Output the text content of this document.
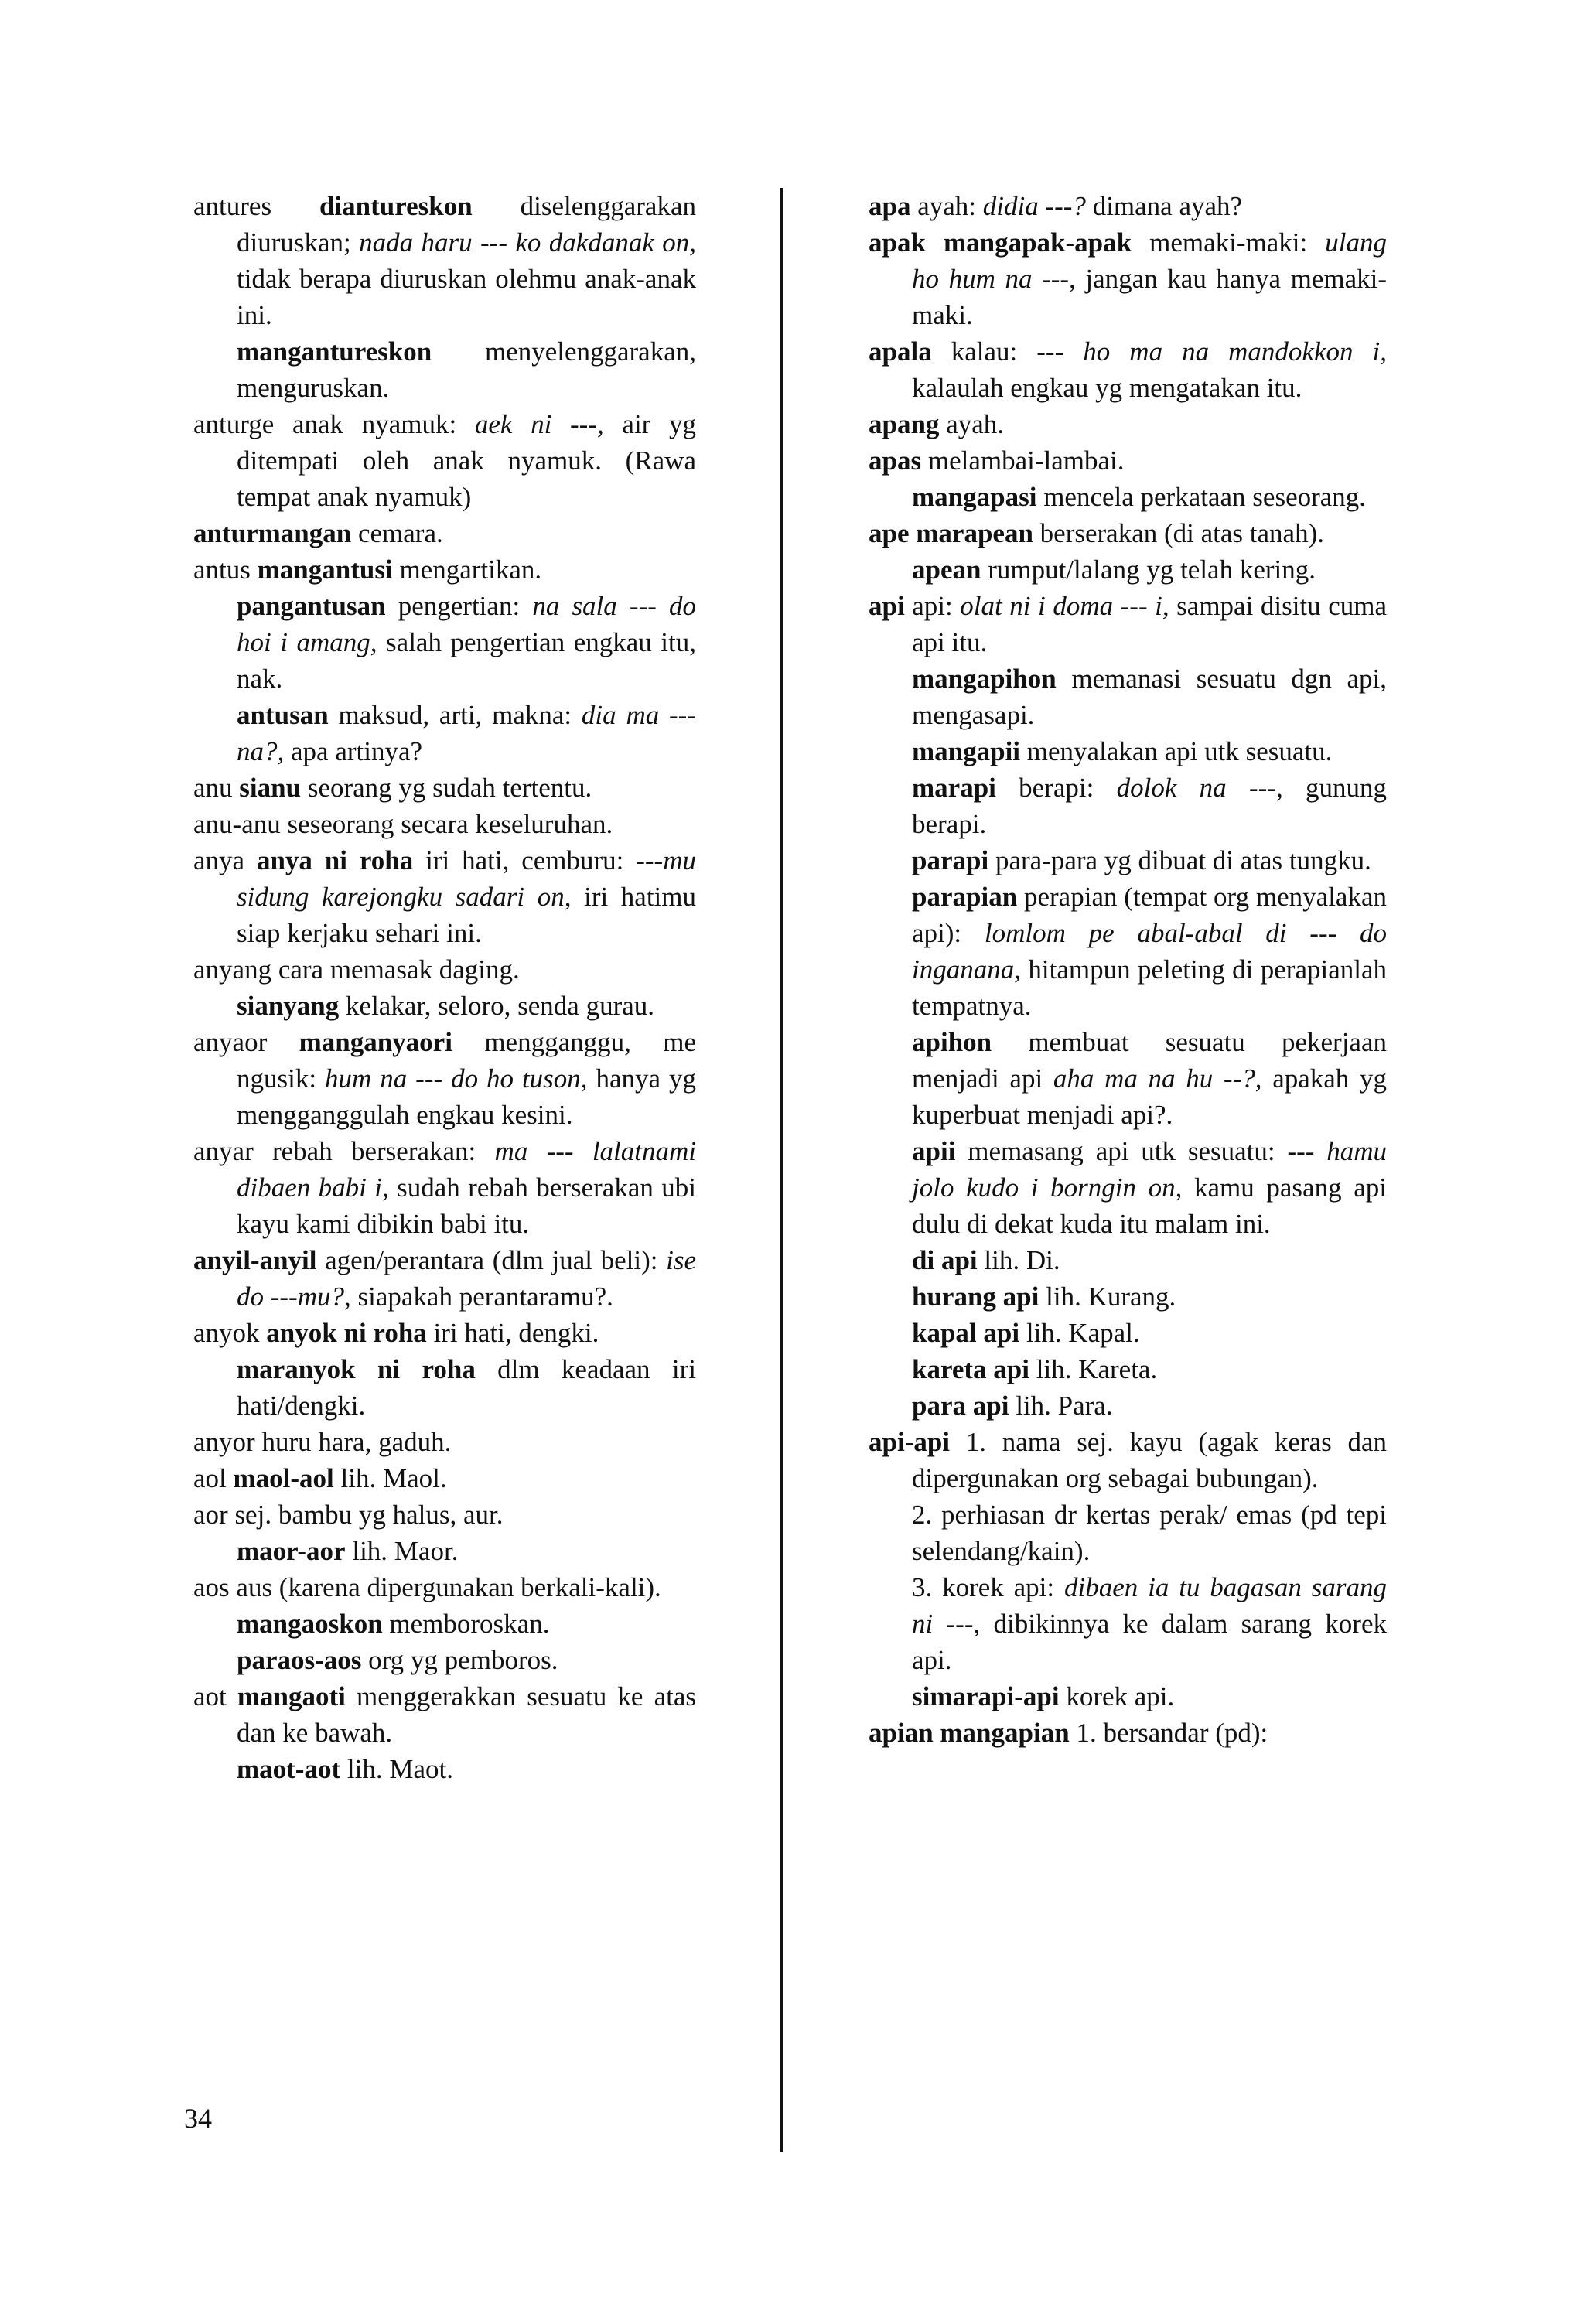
antures diantureskon diselenggarakan diuruskan; nada haru --- ko dakdanak on, tidak berapa diuruskan olehmu anak-anak ini.

mangantureskon menyelenggarakan, menguruskan.

anturge anak nyamuk: aek ni ---, air yg ditempati oleh anak nyamuk. (Rawa tempat anak nyamuk)

anturmangan cemara.

antus mangantusi mengartikan.

pangantusan pengertian: na sala --- do hoi i amang, salah pengertian engkau itu, nak.

antusan maksud, arti, makna: dia ma ---na?, apa artinya?

anu sianu seorang yg sudah tertentu.

anu-anu seseorang secara keseluruhan.

anya anya ni roha iri hati, cemburu: ---mu sidung karejongku sadari on, iri hatimu siap kerjaku sehari ini.

anyang cara memasak daging.

sianyang kelakar, seloro, senda gurau.

anyaor manganyaori mengganggu, me ngusik: hum na --- do ho tuson, hanya yg mengganggulah engkau kesini.

anyar rebah berserakan: ma --- lalatnami dibaen babi i, sudah rebah berserakan ubi kayu kami dibikin babi itu.

anyil-anyil agen/perantara (dlm jual beli): ise do ---mu?, siapakah perantaramu?.

anyok anyok ni roha iri hati, dengki.

maranyok ni roha dlm keadaan iri hati/dengki.

anyor huru hara, gaduh.

aol maol-aol lih. Maol.

aor sej. bambu yg halus, aur.

maor-aor lih. Maor.

aos aus (karena dipergunakan berkali-kali).

mangaoskon memboroskan.

paraos-aos org yg pemboros.

aot mangaoti menggerakkan sesuatu ke atas dan ke bawah.

maot-aot lih. Maot.

apa ayah: didia ---? dimana ayah?

apak mangapak-apak memaki-maki: ulang ho hum na ---, jangan kau hanya memaki-maki.

apala kalau: --- ho ma na mandokkon i, kalaulah engkau yg mengatakan itu.

apang ayah.

apas melambai-lambai.

mangapasi mencela perkataan seseorang.

ape marapean berserakan (di atas tanah).

apean rumput/lalang yg telah kering.

api api: olat ni i doma --- i, sampai disitu cuma api itu.

mangapihon memanasi sesuatu dgn api, mengasapi.

mangapii menyalakan api utk sesuatu.

marapi berapi: dolok na ---, gunung berapi.

parapi para-para yg dibuat di atas tungku.

parapian perapian (tempat org menyalakan api): lomlom pe abal-abal di --- do inganana, hitampun peleting di perapianlah tempatnya.

apihon membuat sesuatu pekerjaan menjadi api aha ma na hu --?, apakah yg kuperbuat menjadi api?.

apii memasang api utk sesuatu: --- hamu jolo kudo i borngin on, kamu pasang api dulu di dekat kuda itu malam ini.

di api lih. Di.

hurang api lih. Kurang.

kapal api lih. Kapal.

kareta api lih. Kareta.

para api lih. Para.

api-api 1. nama sej. kayu (agak keras dan dipergunakan org sebagai bubungan).

2. perhiasan dr kertas perak/ emas (pd tepi selendang/kain).

3. korek api: dibaen ia tu bagasan sarang ni ---, dibikinnya ke dalam sarang korek api.

simarapi-api korek api.

apian mangapian 1. bersandar (pd):

34
